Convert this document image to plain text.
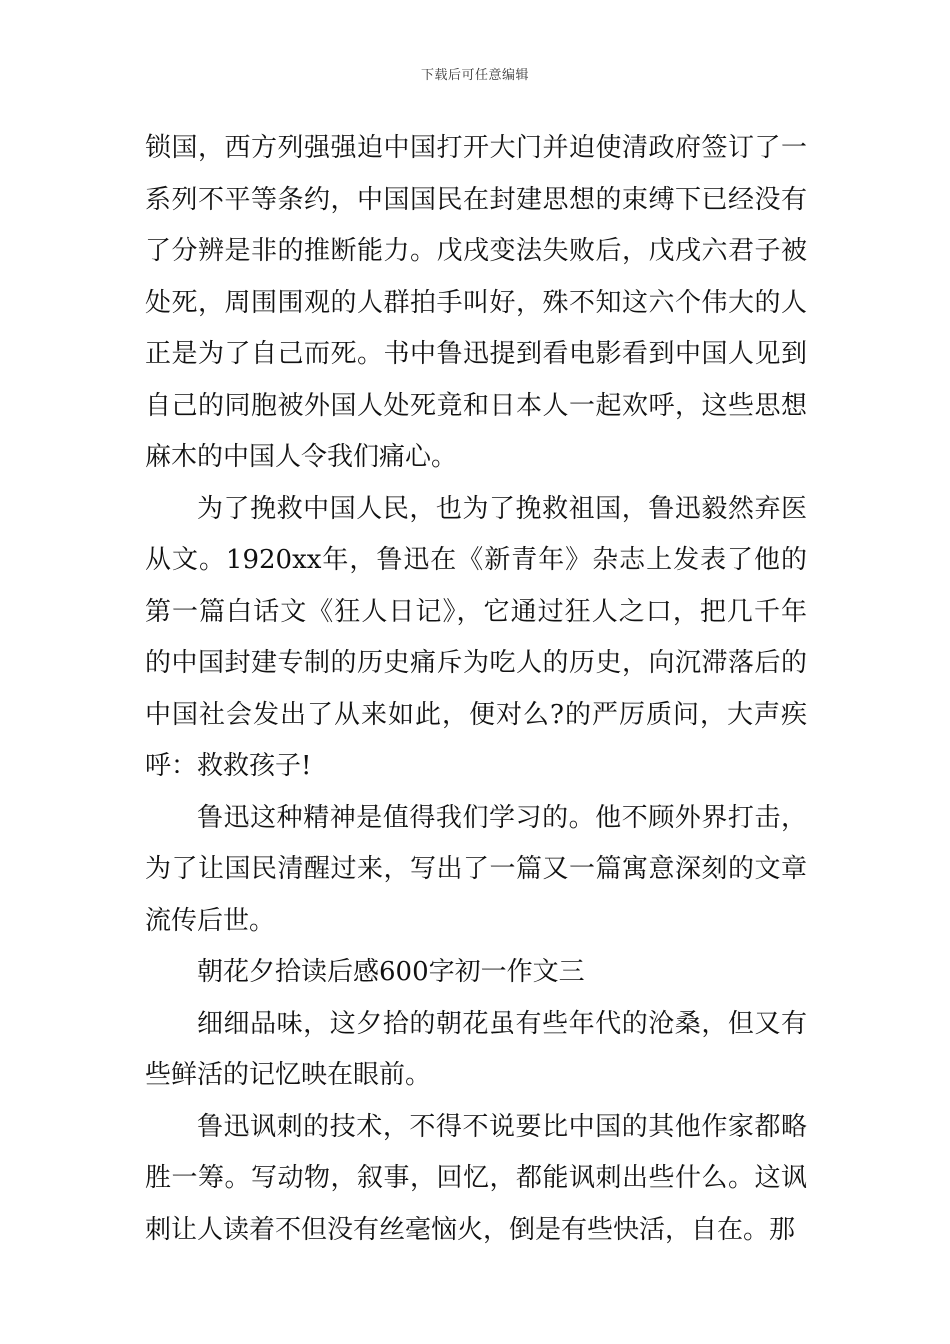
下载后可任意编辑

锁国，西方列强强迫中国打开大门并迫使清政府签订了一系列不平等条约，中国国民在封建思想的束缚下已经没有了分辨是非的推断能力。戊戌变法失败后，戊戌六君子被处死，周围围观的人群拍手叫好，殊不知这六个伟大的人正是为了自己而死。书中鲁迅提到看电影看到中国人见到自己的同胞被外国人处死竟和日本人一起欢呼，这些思想麻木的中国人令我们痛心。

为了挽救中国人民，也为了挽救祖国，鲁迅毅然弃医从文。1920xx年，鲁迅在《新青年》杂志上发表了他的第一篇白话文《狂人日记》，它通过狂人之口，把几千年的中国封建专制的历史痛斥为吃人的历史，向沉滞落后的中国社会发出了从来如此，便对么?的严厉质问，大声疾呼：救救孩子!

鲁迅这种精神是值得我们学习的。他不顾外界打击，为了让国民清醒过来，写出了一篇又一篇寓意深刻的文章流传后世。

朝花夕拾读后感600字初一作文三

细细品味，这夕拾的朝花虽有些年代的沧桑，但又有些鲜活的记忆映在眼前。

鲁迅讽刺的技术，不得不说要比中国的其他作家都略胜一筹。写动物，叙事，回忆，都能讽刺出些什么。这讽刺让人读着不但没有丝毫恼火，倒是有些快活，自在。那
